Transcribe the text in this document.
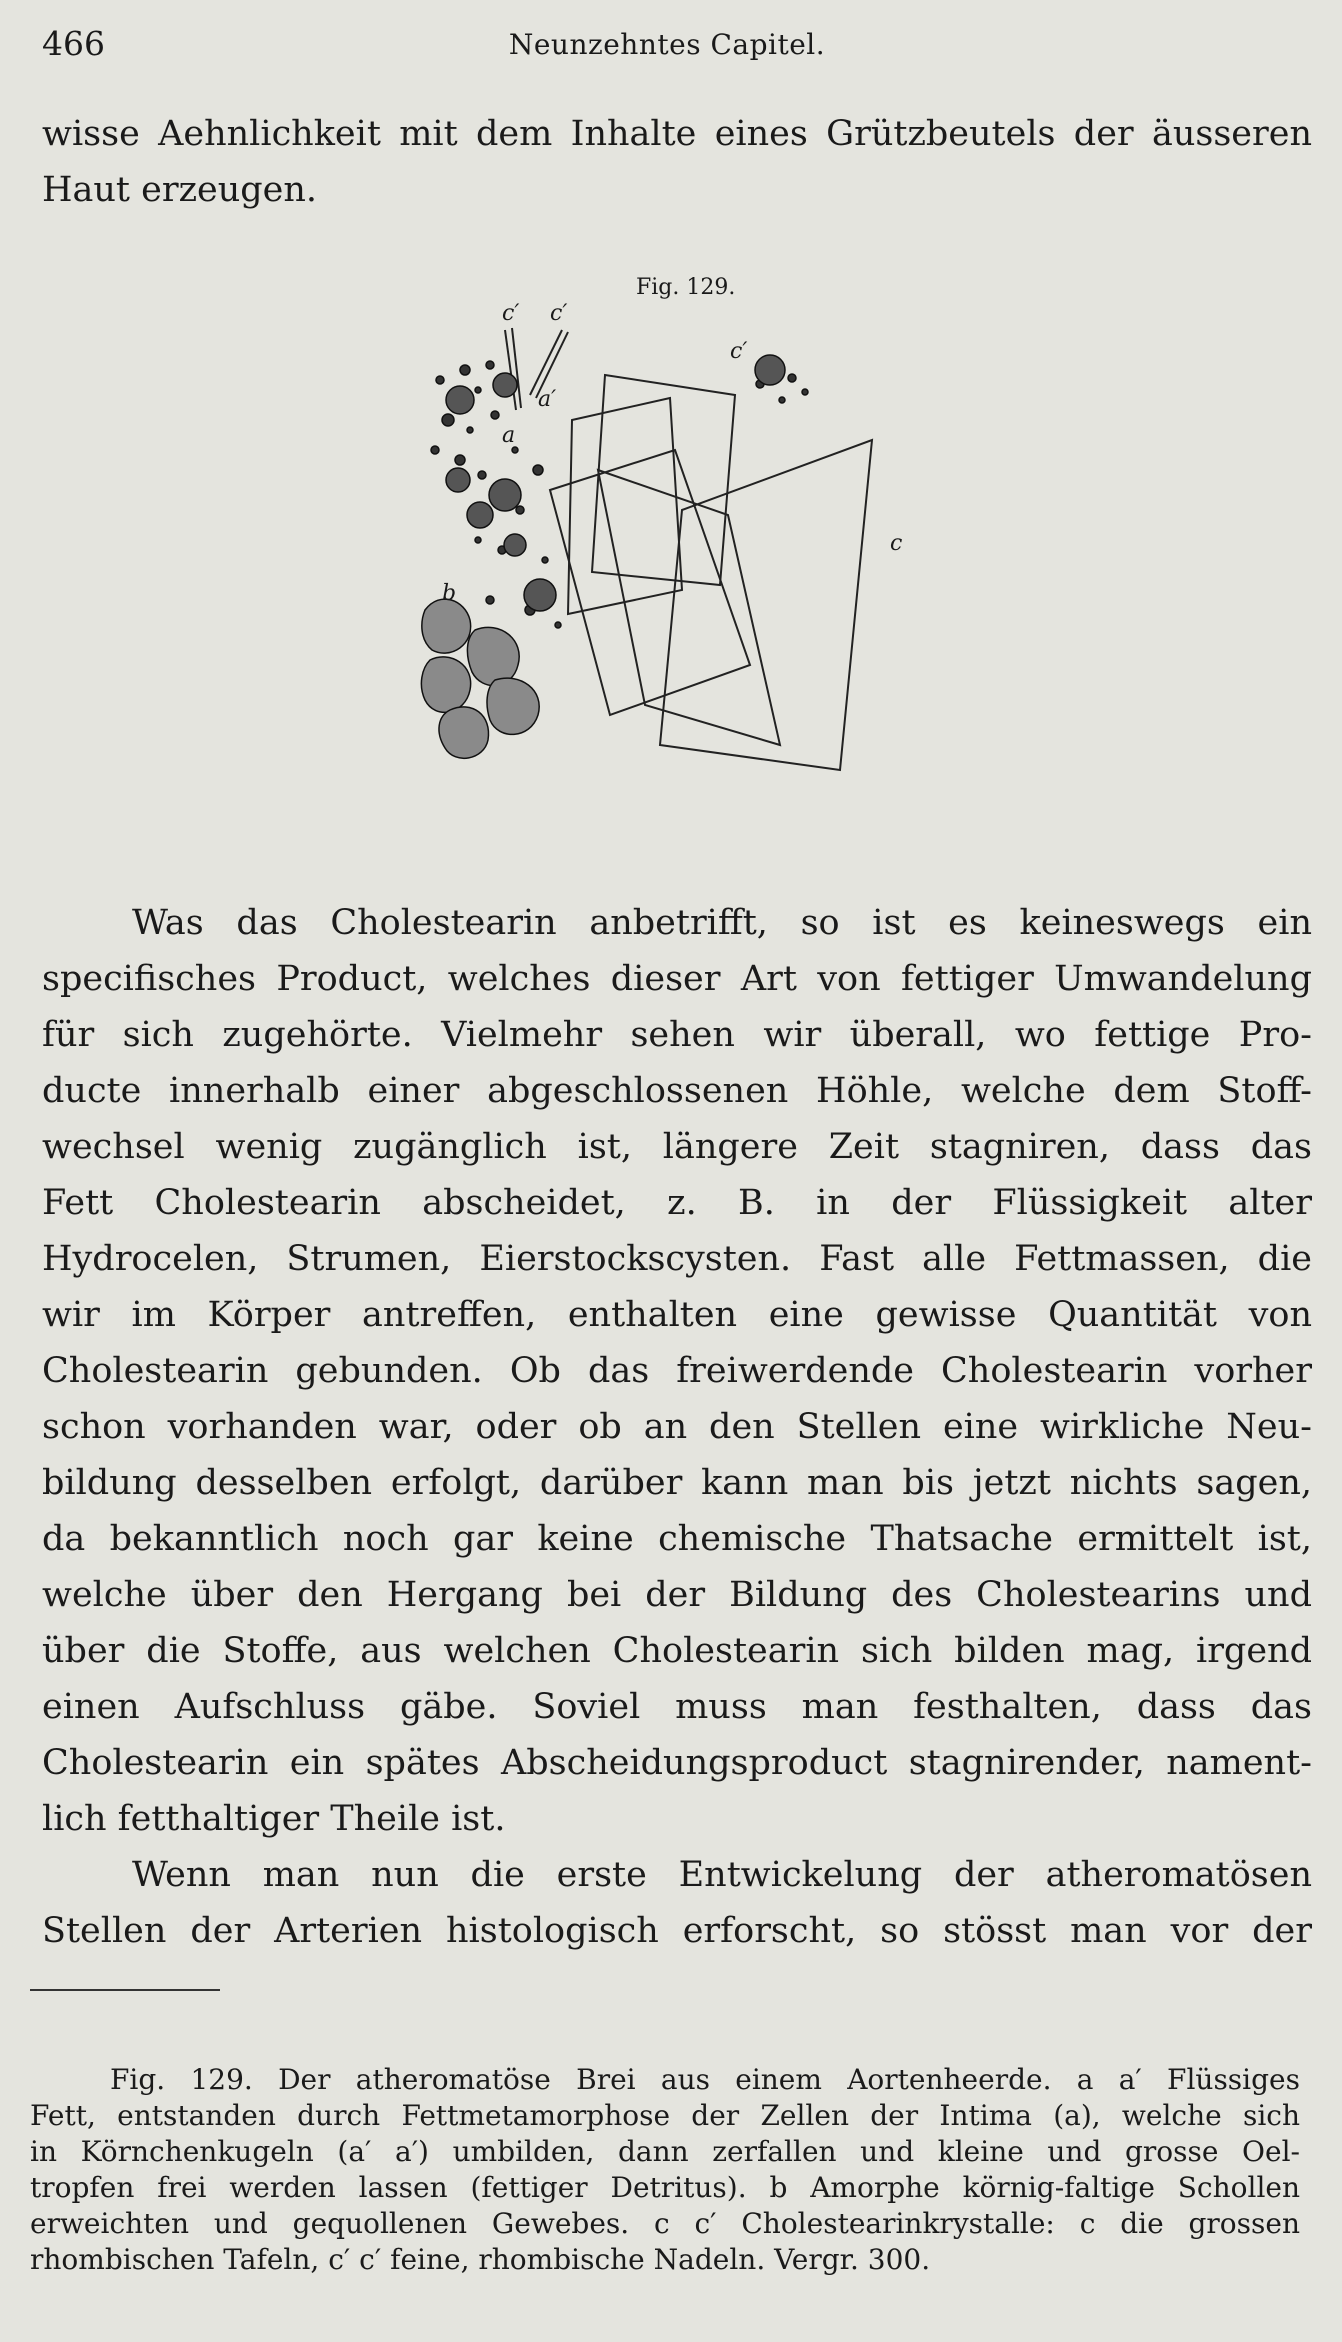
466	Neunzehntes Capitel.
wisse Aehnlichkeit mit dem Inhalte eines Grützbeutels der äusseren
Haut erzeugen.
Fig. 129.
c′ c′
c′
a′
a
b
c
Was das Cholestearin anbetrifft, so ist es keineswegs ein
specifisches Product, welches dieser Art von fettiger Umwandelung
für sich zugehörte. Vielmehr sehen wir überall, wo fettige Pro-
ducte innerhalb einer abgeschlossenen Höhle, welche dem Stoff-
wechsel wenig zugänglich ist, längere Zeit stagniren, dass das
Fett Cholestearin abscheidet, z. B. in der Flüssigkeit alter
Hydrocelen, Strumen, Eierstockscysten. Fast alle Fettmassen, die
wir im Körper antreffen, enthalten eine gewisse Quantität von
Cholestearin gebunden. Ob das freiwerdende Cholestearin vorher
schon vorhanden war, oder ob an den Stellen eine wirkliche Neu-
bildung desselben erfolgt, darüber kann man bis jetzt nichts sagen,
da bekanntlich noch gar keine chemische Thatsache ermittelt ist,
welche über den Hergang bei der Bildung des Cholestearins und
über die Stoffe, aus welchen Cholestearin sich bilden mag, irgend
einen Aufschluss gäbe. Soviel muss man festhalten, dass das
Cholestearin ein spätes Abscheidungsproduct stagnirender, nament-
lich fetthaltiger Theile ist.
Wenn man nun die erste Entwickelung der atheromatösen
Stellen der Arterien histologisch erforscht, so stösst man vor der
Fig. 129. Der atheromatöse Brei aus einem Aortenheerde. a a′ Flüssiges
Fett, entstanden durch Fettmetamorphose der Zellen der Intima (a), welche sich
in Körnchenkugeln (a′ a′) umbilden, dann zerfallen und kleine und grosse Oel-
tropfen frei werden lassen (fettiger Detritus). b Amorphe körnig-faltige Schollen
erweichten und gequollenen Gewebes. c c′ Cholestearinkrystalle: c die grossen
rhombischen Tafeln, c′ c′ feine, rhombische Nadeln. Vergr. 300.
